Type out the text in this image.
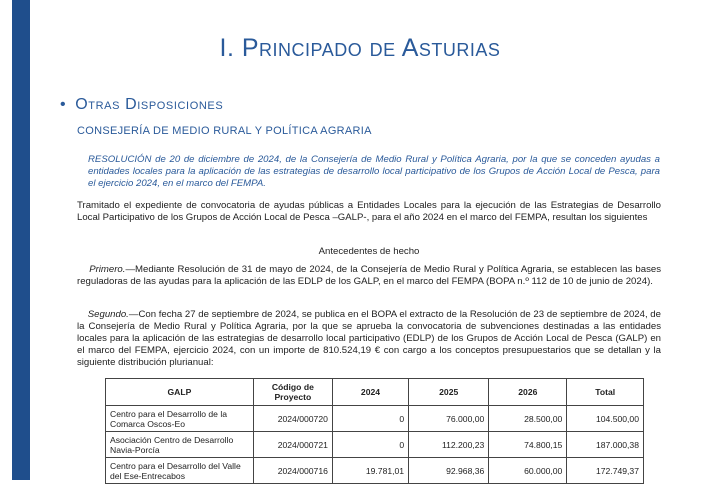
I. Principado de Asturias
• Otras Disposiciones
CONSEJERÍA DE MEDIO RURAL Y POLÍTICA AGRARIA
RESOLUCIÓN de 20 de diciembre de 2024, de la Consejería de Medio Rural y Política Agraria, por la que se conceden ayudas a entidades locales para la aplicación de las estrategias de desarrollo local participativo de los Grupos de Acción Local de Pesca, para el ejercicio 2024, en el marco del FEMPA.
Tramitado el expediente de convocatoria de ayudas públicas a Entidades Locales para la ejecución de las Estrategias de Desarrollo Local Participativo de los Grupos de Acción Local de Pesca –GALP-, para el año 2024 en el marco del FEMPA, resultan los siguientes
Antecedentes de hecho
Primero.—Mediante Resolución de 31 de mayo de 2024, de la Consejería de Medio Rural y Política Agraria, se establecen las bases reguladoras de las ayudas para la aplicación de las EDLP de los GALP, en el marco del FEMPA (BOPA n.º 112 de 10 de junio de 2024).
Segundo.—Con fecha 27 de septiembre de 2024, se publica en el BOPA el extracto de la Resolución de 23 de septiembre de 2024, de la Consejería de Medio Rural y Política Agraria, por la que se aprueba la convocatoria de subvenciones destinadas a las entidades locales para la aplicación de las estrategias de desarrollo local participativo (EDLP) de los Grupos de Acción Local de Pesca (GALP) en el marco del FEMPA, ejercicio 2024, con un importe de 810.524,19 € con cargo a los conceptos presupuestarios que se detallan y la siguiente distribución plurianual:
GALP	Código de Proyecto	2024	2025	2026	Total
Centro para el Desarrollo de la Comarca Oscos-Eo	2024/000720	0	76.000,00	28.500,00	104.500,00
Asociación Centro de Desarrollo Navia-Porcía	2024/000721	0	112.200,23	74.800,15	187.000,38
Centro para el Desarrollo del Valle del Ese-Entrecabos	2024/000716	19.781,01	92.968,36	60.000,00	172.749,37
